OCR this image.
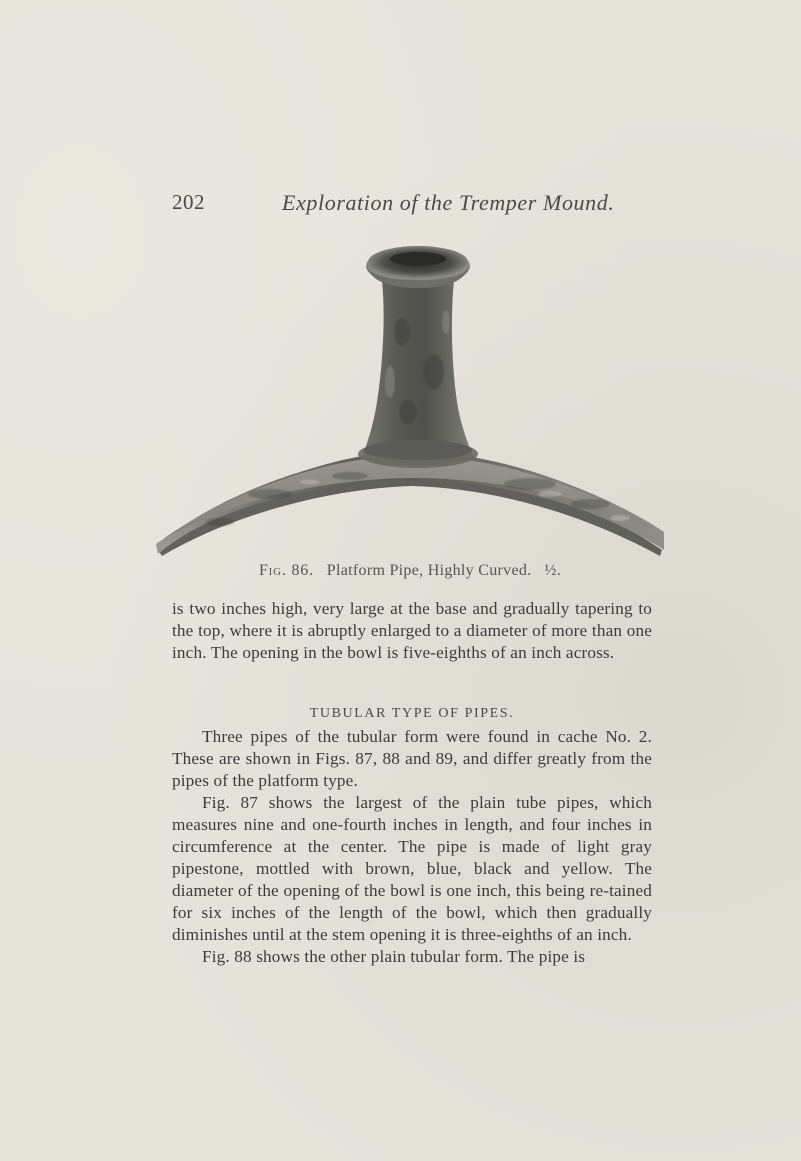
202	Exploration of the Tremper Mound.
Fig. 86. Platform Pipe, Highly Curved. ½.

is two inches high, very large at the base and gradually tapering to the top, where it is abruptly enlarged to a diameter of more than one inch. The opening in the bowl is five-eighths of an inch across.

TUBULAR TYPE OF PIPES.

Three pipes of the tubular form were found in cache No. 2. These are shown in Figs. 87, 88 and 89, and differ greatly from the pipes of the platform type.

Fig. 87 shows the largest of the plain tube pipes, which measures nine and one-fourth inches in length, and four inches in circumference at the center. The pipe is made of light gray pipestone, mottled with brown, blue, black and yellow. The diameter of the opening of the bowl is one inch, this being re-tained for six inches of the length of the bowl, which then gradually diminishes until at the stem opening it is three-eighths of an inch.

Fig. 88 shows the other plain tubular form. The pipe is
